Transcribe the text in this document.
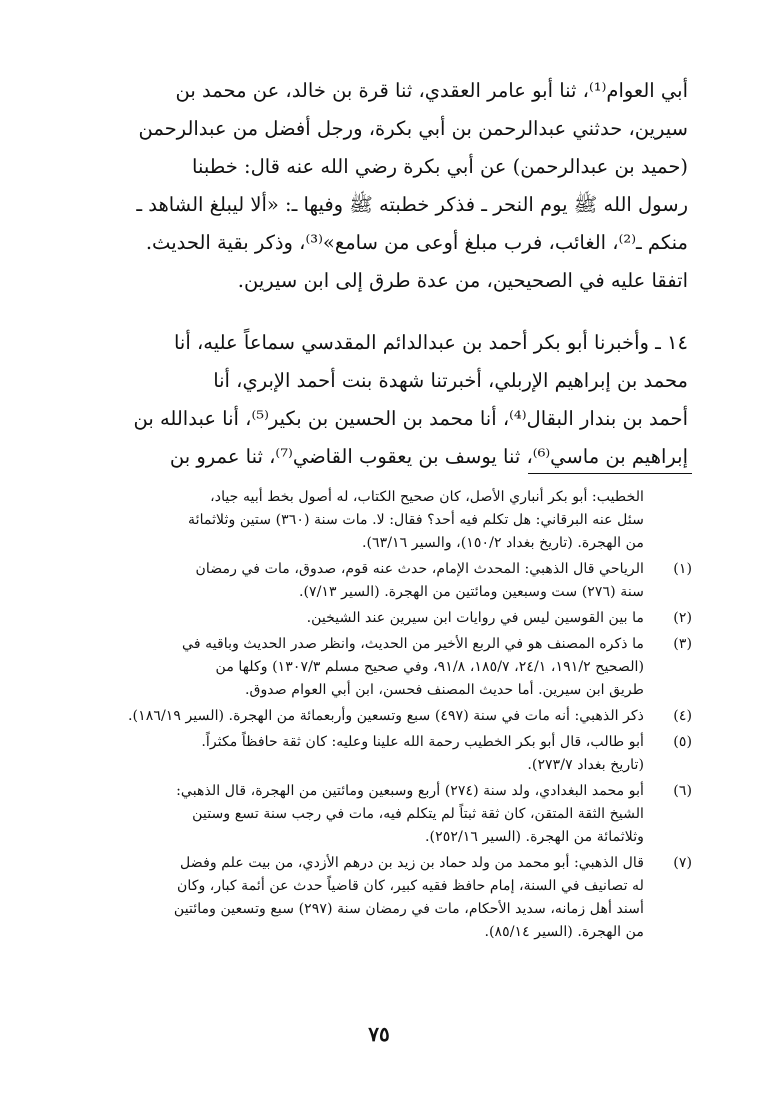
أبي العوام⁽¹⁾، ثنا أبو عامر العقدي، ثنا قرة بن خالد، عن محمد بن
سيرين، حدثني عبدالرحمن بن أبي بكرة، ورجل أفضل من عبدالرحمن
(حميد بن عبدالرحمن) عن أبي بكرة رضي الله عنه قال: خطبنا
رسول الله ﷺ يوم النحر ـ فذكر خطبته ﷺ وفيها ـ: «ألا ليبلغ الشاهد ـ
منكم ـ⁽²⁾، الغائب، فرب مبلغ أوعى من سامع»⁽³⁾، وذكر بقية الحديث.
اتفقا عليه في الصحيحين، من عدة طرق إلى ابن سيرين.
١٤ ـ وأخبرنا أبو بكر أحمد بن عبدالدائم المقدسي سماعاً عليه، أنا
محمد بن إبراهيم الإربلي، أخبرتنا شهدة بنت أحمد الإبري، أنا
أحمد بن بندار البقال⁽⁴⁾، أنا محمد بن الحسين بن بكير⁽⁵⁾، أنا عبدالله بن
إبراهيم بن ماسي⁽⁶⁾، ثنا يوسف بن يعقوب القاضي⁽⁷⁾، ثنا عمرو بن
الخطيب: أبو بكر أنباري الأصل، كان صحيح الكتاب، له أصول بخط أبيه جياد،
سئل عنه البرقاني: هل تكلم فيه أحد؟ فقال: لا. مات سنة (٣٦٠) ستين وثلاثمائة
من الهجرة. (تاريخ بغداد ١٥٠/٢)، والسير ٦٣/١٦).
(١)
الرياحي قال الذهبي: المحدث الإمام، حدث عنه قوم، صدوق، مات في رمضان
سنة (٢٧٦) ست وسبعين ومائتين من الهجرة. (السير ٧/١٣).
(٢)
ما بين القوسين ليس في روايات ابن سيرين عند الشيخين.
(٣)
ما ذكره المصنف هو في الربع الأخير من الحديث، وانظر صدر الحديث وباقيه في
(الصحيح ١٩١/٢، ٢٤/١، ١٨٥/٧، ٩١/٨، وفي صحيح مسلم ١٣٠٧/٣) وكلها من
طريق ابن سيرين. أما حديث المصنف فحسن، ابن أبي العوام صدوق.
(٤)
ذكر الذهبي: أنه مات في سنة (٤٩٧) سبع وتسعين وأربعمائة من الهجرة. (السير ١٨٦/١٩).
(٥)
أبو طالب، قال أبو بكر الخطيب رحمة الله علينا وعليه: كان ثقة حافظاً مكثراً.
(تاريخ بغداد ٢٧٣/٧).
(٦)
أبو محمد البغدادي، ولد سنة (٢٧٤) أربع وسبعين ومائتين من الهجرة، قال الذهبي:
الشيخ الثقة المتقن، كان ثقة ثبتاً لم يتكلم فيه، مات في رجب سنة تسع وستين
وثلاثمائة من الهجرة. (السير ٢٥٢/١٦).
(٧)
قال الذهبي: أبو محمد من ولد حماد بن زيد بن درهم الأزدي، من بيت علم وفضل
له تصانيف في السنة، إمام حافظ فقيه كبير، كان قاضياً حدث عن أئمة كبار، وكان
أسند أهل زمانه، سديد الأحكام، مات في رمضان سنة (٢٩٧) سبع وتسعين ومائتين
من الهجرة. (السير ٨٥/١٤).
٧٥
